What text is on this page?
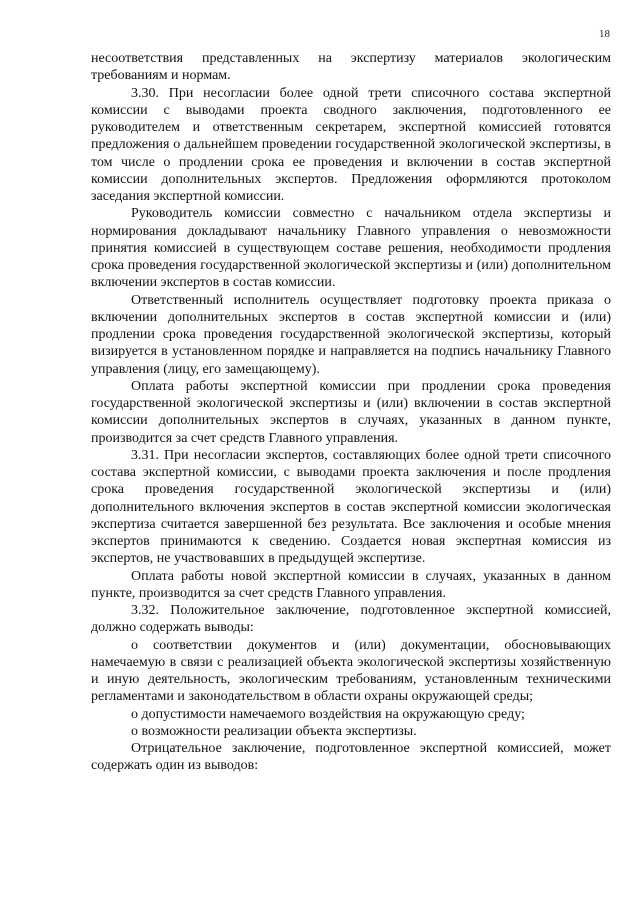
18

несоответствия представленных на экспертизу материалов экологическим требованиям и нормам.

3.30. При несогласии более одной трети списочного состава экспертной комиссии с выводами проекта сводного заключения, подготовленного ее руководителем и ответственным секретарем, экспертной комиссией готовятся предложения о дальнейшем проведении государственной экологической экспертизы, в том числе о продлении срока ее проведения и включении в состав экспертной комиссии дополнительных экспертов. Предложения оформляются протоколом заседания экспертной комиссии.

Руководитель комиссии совместно с начальником отдела экспертизы и нормирования докладывают начальнику Главного управления о невозможности принятия комиссией в существующем составе решения, необходимости продления срока проведения государственной экологической экспертизы и (или) дополнительном включении экспертов в состав комиссии.

Ответственный исполнитель осуществляет подготовку проекта приказа о включении дополнительных экспертов в состав экспертной комиссии и (или) продлении срока проведения государственной экологической экспертизы, который визируется в установленном порядке и направляется на подпись начальнику Главного управления (лицу, его замещающему).

Оплата работы экспертной комиссии при продлении срока проведения государственной экологической экспертизы и (или) включении в состав экспертной комиссии дополнительных экспертов в случаях, указанных в данном пункте, производится за счет средств Главного управления.

3.31. При несогласии экспертов, составляющих более одной трети списочного состава экспертной комиссии, с выводами проекта заключения и после продления срока проведения государственной экологической экспертизы и (или) дополнительного включения экспертов в состав экспертной комиссии экологическая экспертиза считается завершенной без результата. Все заключения и особые мнения экспертов принимаются к сведению. Создается новая экспертная комиссия из экспертов, не участвовавших в предыдущей экспертизе.

Оплата работы новой экспертной комиссии в случаях, указанных в данном пункте, производится за счет средств Главного управления.

3.32. Положительное заключение, подготовленное экспертной комиссией, должно содержать выводы:

о соответствии документов и (или) документации, обосновывающих намечаемую в связи с реализацией объекта экологической экспертизы хозяйственную и иную деятельность, экологическим требованиям, установленным техническими регламентами и законодательством в области охраны окружающей среды;

о допустимости намечаемого воздействия на окружающую среду;

о возможности реализации объекта экспертизы.

Отрицательное заключение, подготовленное экспертной комиссией, может содержать один из выводов:
